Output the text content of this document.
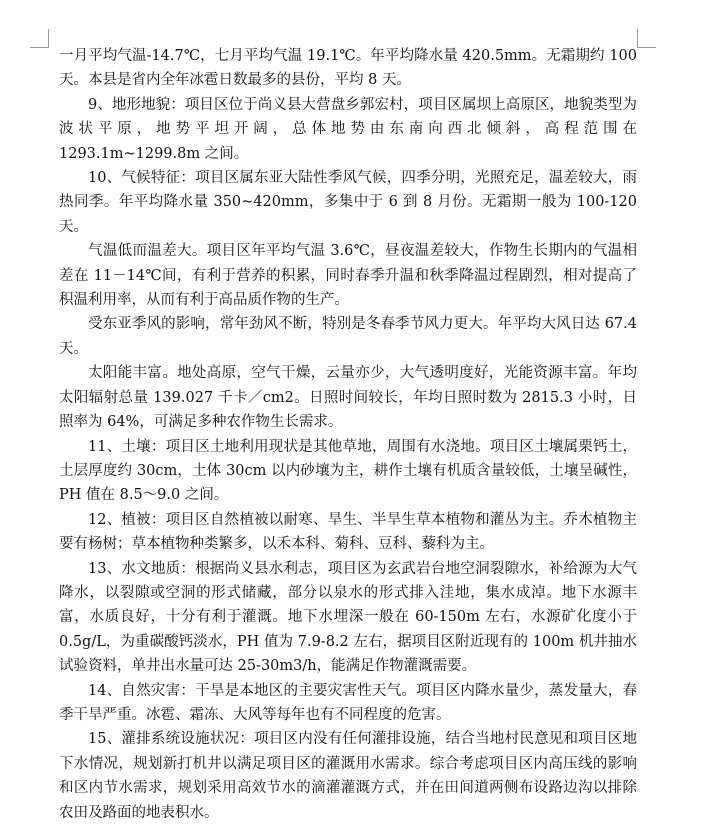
一月平均气温-14.7℃，七月平均气温 19.1℃。年平均降水量 420.5mm。无霜期约 100 天。本县是省内全年冰雹日数最多的县份，平均 8 天。

9、地形地貌：项目区位于尚义县大营盘乡郭宏村，项目区属坝上高原区，地貌类型为波状平原，地势平坦开阔，总体地势由东南向西北倾斜，高程范围在 1293.1m~1299.8m 之间。

10、气候特征：项目区属东亚大陆性季风气候，四季分明，光照充足，温差较大，雨热同季。年平均降水量 350~420mm，多集中于 6 到 8 月份。无霜期一般为 100-120 天。

气温低而温差大。项目区年平均气温 3.6℃，昼夜温差较大，作物生长期内的气温相差在 11－14℃间，有利于营养的积累，同时春季升温和秋季降温过程剧烈，相对提高了积温利用率，从而有利于高品质作物的生产。

受东亚季风的影响，常年劲风不断，特别是冬春季节风力更大。年平均大风日达 67.4 天。

太阳能丰富。地处高原，空气干燥，云量亦少，大气透明度好，光能资源丰富。年均太阳辐射总量 139.027 千卡／cm2。日照时间较长，年均日照时数为 2815.3 小时，日照率为 64%，可满足多种农作物生长需求。

11、土壤：项目区土地利用现状是其他草地，周围有水浇地。项目区土壤属栗钙土，土层厚度约 30cm，土体 30cm 以内砂壤为主，耕作土壤有机质含量较低，土壤呈碱性，PH 值在 8.5～9.0 之间。

12、植被：项目区自然植被以耐寒、旱生、半旱生草本植物和灌丛为主。乔木植物主要有杨树；草本植物种类繁多，以禾本科、菊科、豆科、藜科为主。

13、水文地质：根据尚义县水利志，项目区为玄武岩台地空洞裂隙水，补给源为大气降水，以裂隙或空洞的形式储藏，部分以泉水的形式排入洼地，集水成淖。地下水源丰富，水质良好，十分有利于灌溉。地下水埋深一般在 60-150m 左右，水源矿化度小于 0.5g/L，为重碳酸钙淡水，PH 值为 7.9-8.2 左右，据项目区附近现有的 100m 机井抽水试验资料，单井出水量可达 25-30m3/h，能满足作物灌溉需要。

14、自然灾害：干旱是本地区的主要灾害性天气。项目区内降水量少，蒸发量大，春季干旱严重。冰雹、霜冻、大风等每年也有不同程度的危害。

15、灌排系统设施状况：项目区内没有任何灌排设施，结合当地村民意见和项目区地下水情况，规划新打机井以满足项目区的灌溉用水需求。综合考虑项目区内高压线的影响和区内节水需求，规划采用高效节水的滴灌灌溉方式，并在田间道两侧布设路边沟以排除农田及路面的地表积水。
